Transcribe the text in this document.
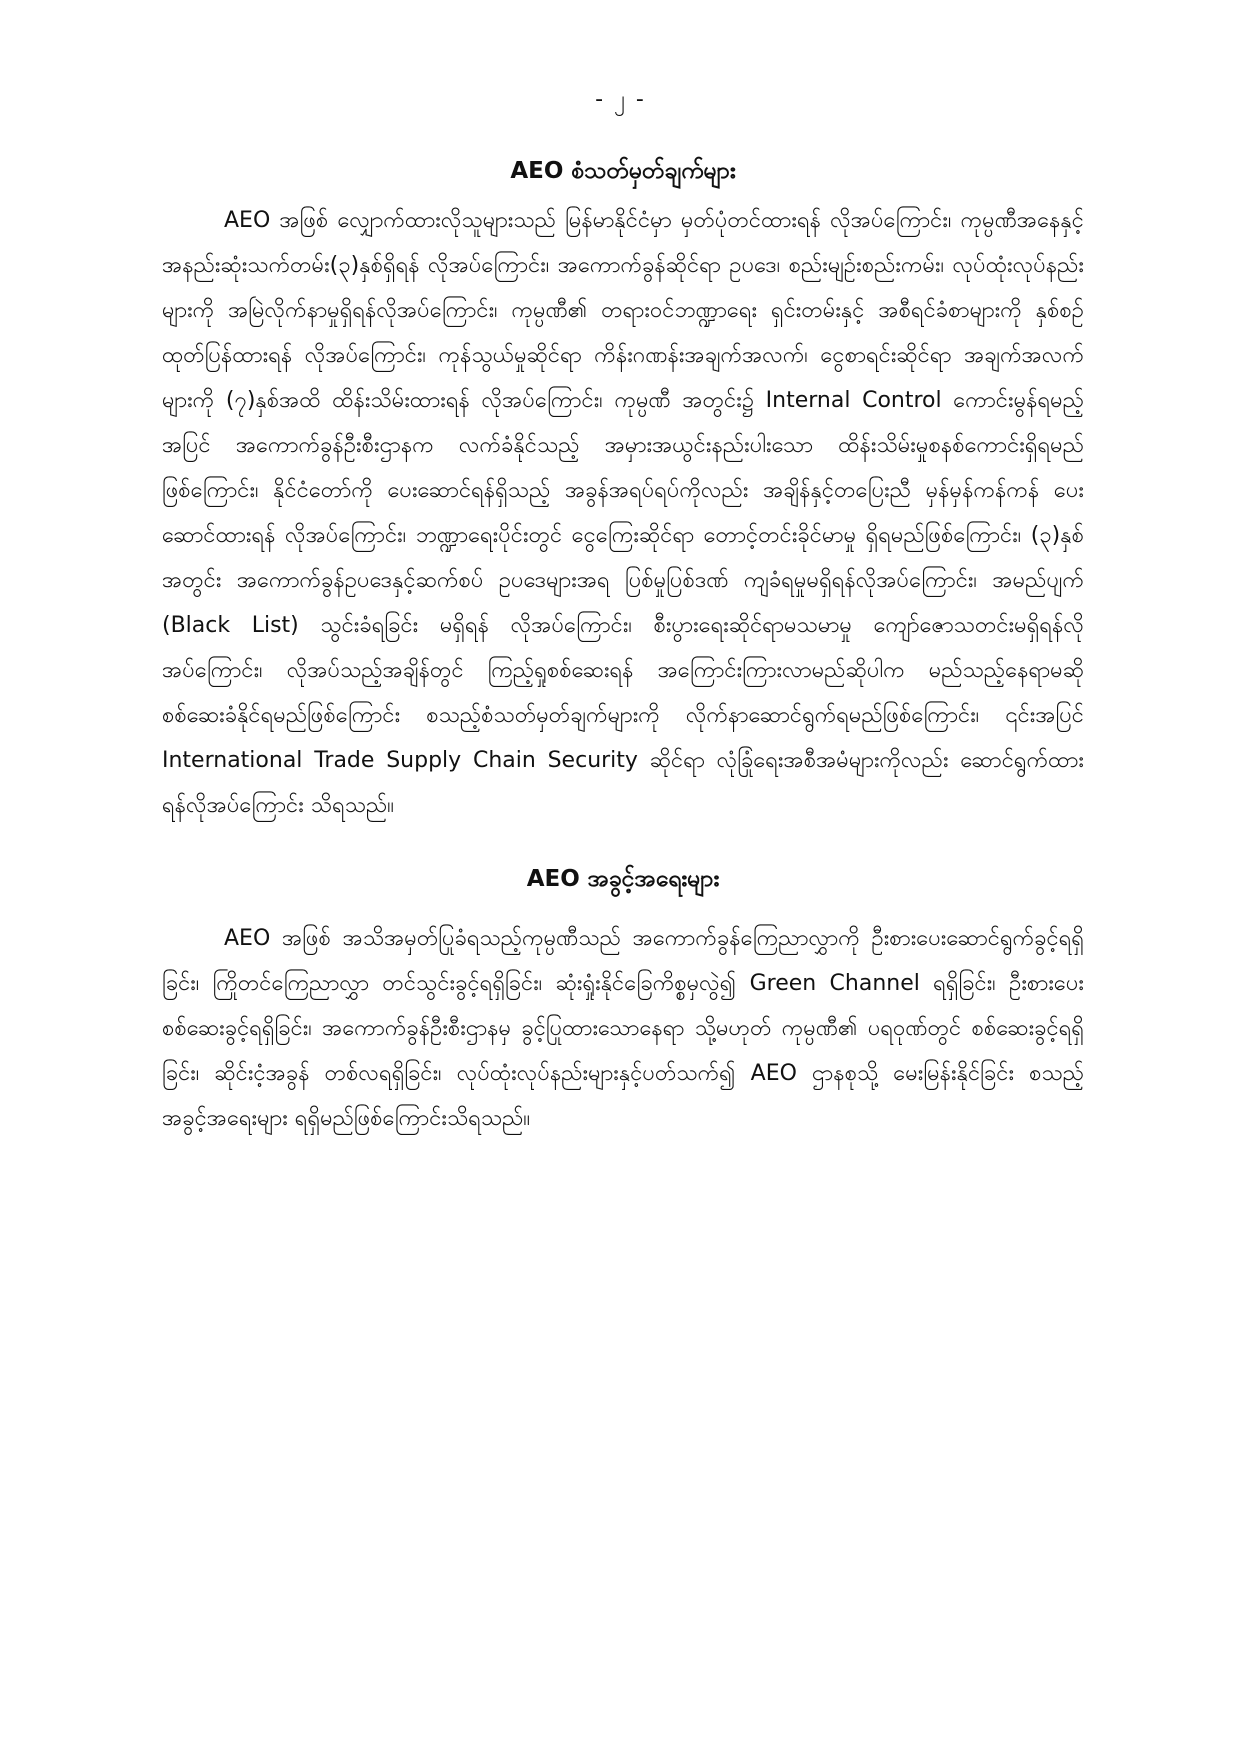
- ၂ -
AEO စံသတ်မှတ်ချက်များ

AEO အဖြစ် လျှောက်ထားလိုသူများသည် မြန်မာနိုင်ငံမှာ မှတ်ပုံတင်ထားရန် လိုအပ်ကြောင်း၊ ကုမ္ပဏီအနေနှင့် အနည်းဆုံးသက်တမ်း(၃)နှစ်ရှိရန် လိုအပ်ကြောင်း၊ အကောက်ခွန်ဆိုင်ရာ ဥပဒေ၊ စည်းမျဉ်းစည်းကမ်း၊ လုပ်ထုံးလုပ်နည်းများကို အမြဲလိုက်နာမှုရှိရန်လိုအပ်ကြောင်း၊ ကုမ္ပဏီ၏ တရားဝင်ဘဏ္ဍာရေး ရှင်းတမ်းနှင့် အစီရင်ခံစာများကို နှစ်စဉ်ထုတ်ပြန်ထားရန် လိုအပ်ကြောင်း၊ ကုန်သွယ်မှုဆိုင်ရာ ကိန်းဂဏန်းအချက်အလက်၊ ငွေစာရင်းဆိုင်ရာ အချက်အလက်များကို (၇)နှစ်အထိ ထိန်းသိမ်းထားရန် လိုအပ်ကြောင်း၊ ကုမ္ပဏီ အတွင်း၌ Internal Control ကောင်းမွန်ရမည့်အပြင် အကောက်ခွန်ဦးစီးဌာနက လက်ခံနိုင်သည့် အမှားအယွင်းနည်းပါးသော ထိန်းသိမ်းမှုစနစ်ကောင်းရှိရမည်ဖြစ်ကြောင်း၊ နိုင်ငံတော်ကို ပေးဆောင်ရန်ရှိသည့် အခွန်အရပ်ရပ်ကိုလည်း အချိန်နှင့်တပြေးညီ မှန်မှန်ကန်ကန် ပေးဆောင်ထားရန် လိုအပ်ကြောင်း၊ ဘဏ္ဍာရေးပိုင်းတွင် ငွေကြေးဆိုင်ရာ တောင့်တင်းခိုင်မာမှု ရှိရမည်ဖြစ်ကြောင်း၊ (၃)နှစ်အတွင်း အကောက်ခွန်ဥပဒေနှင့်ဆက်စပ် ဥပဒေများအရ ပြစ်မှုပြစ်ဒဏ် ကျခံရမှုမရှိရန်လိုအပ်ကြောင်း၊ အမည်ပျက် (Black List) သွင်းခံရခြင်း မရှိရန် လိုအပ်ကြောင်း၊ စီးပွားရေးဆိုင်ရာမသမာမှု ကျော်ဇောသတင်းမရှိရန်လိုအပ်ကြောင်း၊ လိုအပ်သည့်အချိန်တွင် ကြည့်ရှုစစ်ဆေးရန် အကြောင်းကြားလာမည်ဆိုပါက မည်သည့်နေရာမဆို စစ်ဆေးခံနိုင်ရမည်ဖြစ်ကြောင်း စသည့်စံသတ်မှတ်ချက်များကို လိုက်နာဆောင်ရွက်ရမည်ဖြစ်ကြောင်း၊ ၎င်းအပြင် International Trade Supply Chain Security ဆိုင်ရာ လုံခြုံရေးအစီအမံများကိုလည်း ဆောင်ရွက်ထားရန်လိုအပ်ကြောင်း သိရသည်။

AEO အခွင့်အရေးများ

AEO အဖြစ် အသိအမှတ်ပြုခံရသည့်ကုမ္ပဏီသည် အကောက်ခွန်ကြေညာလွှာကို ဦးစားပေးဆောင်ရွက်ခွင့်ရရှိခြင်း၊ ကြိုတင်ကြေညာလွှာ တင်သွင်းခွင့်ရရှိခြင်း၊ ဆုံးရှုံးနိုင်ခြေကိစ္စမှလွဲ၍ Green Channel ရရှိခြင်း၊ ဦးစားပေး စစ်ဆေးခွင့်ရရှိခြင်း၊ အကောက်ခွန်ဦးစီးဌာနမှ ခွင့်ပြုထားသောနေရာ သို့မဟုတ် ကုမ္ပဏီ၏ ပရဝုဏ်တွင် စစ်ဆေးခွင့်ရရှိခြင်း၊ ဆိုင်းငံ့အခွန် တစ်လရရှိခြင်း၊ လုပ်ထုံးလုပ်နည်းများနှင့်ပတ်သက်၍ AEO ဌာနစုသို့ မေးမြန်းနိုင်ခြင်း စသည့်အခွင့်အရေးများ ရရှိမည်ဖြစ်ကြောင်းသိရသည်။
